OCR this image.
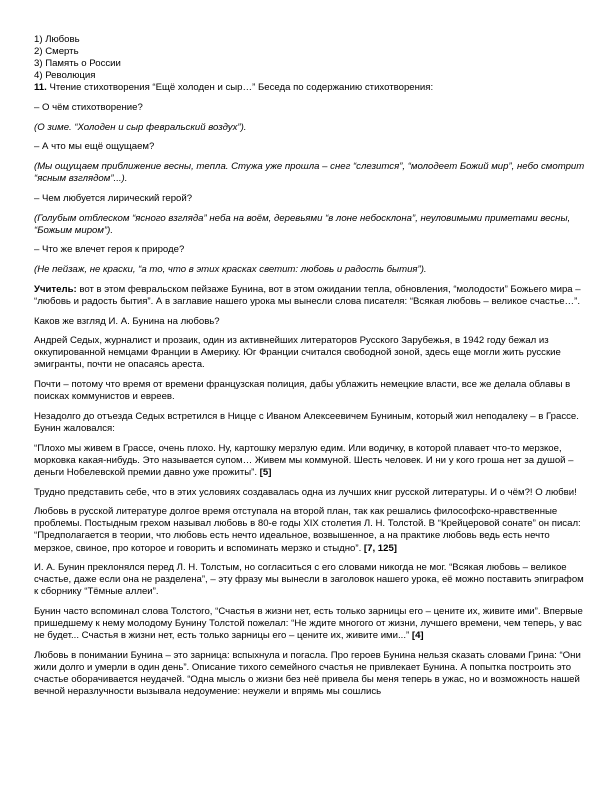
1) Любовь
2) Смерть
3) Память о России
4) Революция

11. Чтение стихотворения “Ещё холоден и сыр…” Беседа по содержанию стихотворения:

– О чём стихотворение?

(О зиме. “Холоден и сыр февральский воздух”).

– А что мы ещё ощущаем?

(Мы ощущаем приближение весны, тепла. Стужа уже прошла – снег “слезится”, “молодеет Божий мир”, небо смотрит “ясным взглядом”...).

– Чем любуется лирический герой?

(Голубым отблеском “ясного взгляда” неба на воём, деревьями “в лоне небосклона”, неуловимыми приметами весны, “Божьим миром”).

– Что же влечет героя к природе?

(Не пейзаж, не краски, “а то, что в этих красках светит: любовь и радость бытия”).

Учитель: вот в этом февральском пейзаже Бунина, вот в этом ожидании тепла, обновления, “молодости” Божьего мира – “любовь и радость бытия”. А в заглавие нашего урока мы вынесли слова писателя: “Всякая любовь – великое счастье…”.

Каков же взгляд И. А. Бунина на любовь?

Андрей Седых, журналист и прозаик, один из активнейших литераторов Русского Зарубежья, в 1942 году бежал из оккупированной немцами Франции в Америку. Юг Франции считался свободной зоной, здесь еще могли жить русские эмигранты, почти не опасаясь ареста.

Почти – потому что время от времени французская полиция, дабы ублажить немецкие власти, все же делала облавы в поисках коммунистов и евреев.

Незадолго до отъезда Седых встретился в Ницце с Иваном Алексеевичем Буниным, который жил неподалеку – в Грассе. Бунин жаловался:

“Плохо мы живем в Грассе, очень плохо. Ну, картошку мерзлую едим. Или водичку, в которой плавает что-то мерзкое, морковка какая-нибудь. Это называется супом… Живем мы коммуной. Шесть человек. И ни у кого гроша нет за душой – деньги Нобелевской премии давно уже прожиты”. [5]

Трудно представить себе, что в этих условиях создавалась одна из лучших книг русской литературы. И о чём?! О любви!

Любовь в русской литературе долгое время отступала на второй план, так как решались философско-нравственные проблемы. Постыдным грехом называл любовь в 80-е годы XIX столетия Л. Н. Толстой. В “Крейцеровой сонате” он писал: “Предполагается в теории, что любовь есть нечто идеальное, возвышенное, а на практике любовь ведь есть нечто мерзкое, свиное, про которое и говорить и вспоминать мерзко и стыдно”. [7, 125]

И. А. Бунин преклонялся перед Л. Н. Толстым, но согласиться с его словами никогда не мог. “Всякая любовь – великое счастье, даже если она не разделена”, – эту фразу мы вынесли в заголовок нашего урока, её можно поставить эпиграфом к сборнику “Тёмные аллеи”.

Бунин часто вспоминал слова Толстого, “Счастья в жизни нет, есть только зарницы его – цените их, живите ими”. Впервые пришедшему к нему молодому Бунину Толстой пожелал: “Не ждите многого от жизни, лучшего времени, чем теперь, у вас не будет... Счастья в жизни нет, есть только зарницы его – цените их, живите ими...” [4]

Любовь в понимании Бунина – это зарница: вспыхнула и погасла. Про героев Бунина нельзя сказать словами Грина: “Они жили долго и умерли в один день”. Описание тихого семейного счастья не привлекает Бунина. А попытка построить это счастье оборачивается неудачей. “Одна мысль о жизни без неё привела бы меня теперь в ужас, но и возможность нашей вечной неразлучности вызывала недоумение: неужели и впрямь мы сошлись
